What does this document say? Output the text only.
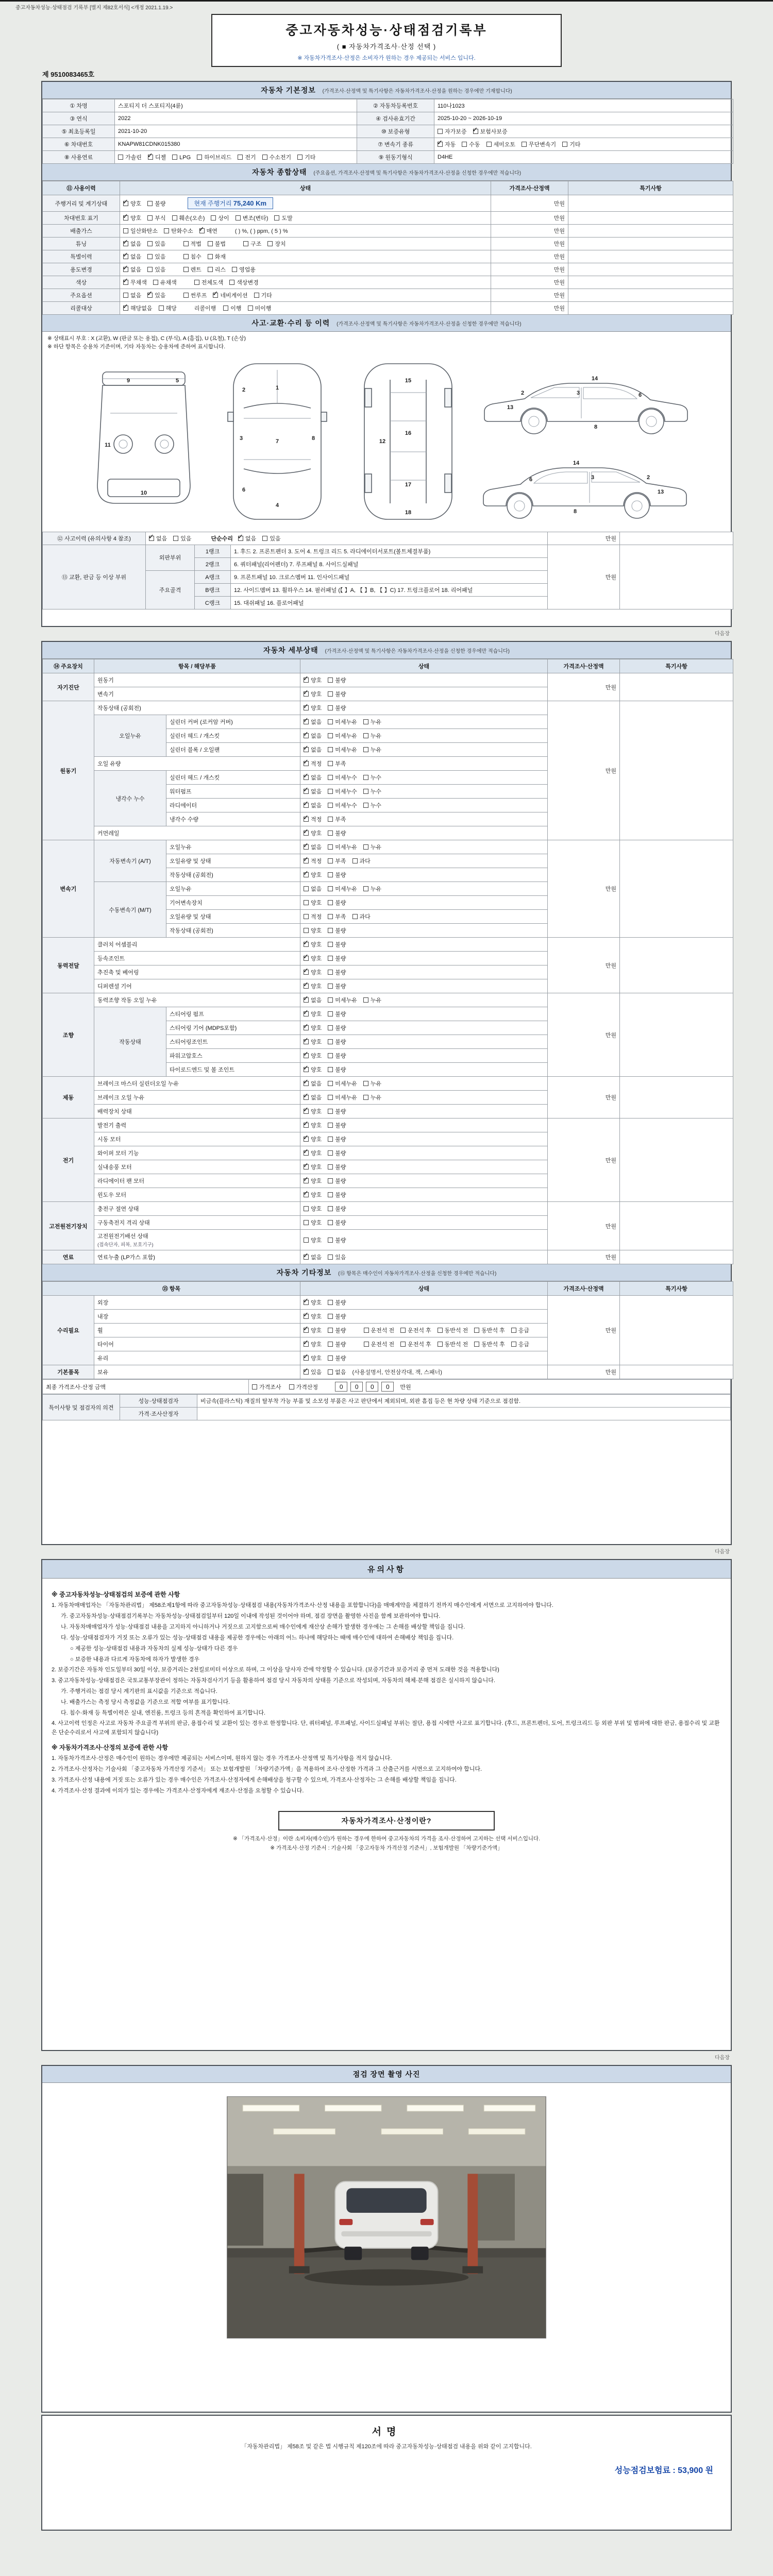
중고자동차성능·상태점검 기록부 [별지 제82호서식] <개정 2021.1.19.>
중고자동차성능·상태점검기록부
( ■ 자동차가격조사·산정 선택 )
※ 자동차가격조사·산정은 소비자가 원하는 경우 제공되는 서비스 입니다.
제 9510083465호
자동차 기본정보 (가격조사·산정액 및 특기사항은 자동차가격조사·산정을 원하는 경우에만 기재합니다)
① 차명	스포티지 더 스포티지(4륜)	② 자동차등록번호	110나1023
③ 연식	2022	④ 검사유효기간	2025-10-20 ~ 2026-10-19
⑤ 최초등록일	2021-10-20	⑩ 보증유형	자가보증 ✓ 보험사보증
⑥ 차대번호	KNAPW81CDNK015380	⑦ 변속기 종류	✓자동 수동 세미오토 무단변속기 기타
⑧ 사용연료	가솔린 ✓ 디젤 LPG 하이브리드 전기 수소전기 기타	⑨ 원동기형식	D4HE
자동차 종합상태 (주요옵션, 가격조사·산정액 및 특기사항은 자동차가격조사·산정을 신청한 경우에만 적습니다)
⑪ 사용이력	상태	가격조사·산정액	특기사항
주행거리 및 계기상태	✓양호 불량 현재 주행거리 75,240 Km	만원	
차대번호 표기	✓양호 부식 훼손(오손) 상이 변조(변타) 도말	만원	
배출가스	일산화탄소 탄화수소 ✓ 매연 ( ) %, ( ) ppm, ( 5 ) %	만원	
튜닝	✓없음 있음 적법 불법 구조 장치	만원	
특별이력	✓없음 있음 침수 화재	만원	
용도변경	✓없음 있음 렌트 리스 영업용	만원	
색상	✓무채색 유채색 전체도색 색상변경	만원	
주요옵션	없음 ✓ 있음 썬루프 ✓ 네비게이션 기타	만원	
리콜대상	✓해당없음 해당 리콜이행 이행 미이행	만원	
사고·교환·수리 등 이력 (가격조사·산정액 및 특기사항은 자동차가격조사·산정을 신청한 경우에만 적습니다)
※ 상태표시 부호 : X (교환), W (판금 또는 용접), C (부식), A (흠집), U (요철), T (손상)
※ 하단 항목은 승용차 기준이며, 기타 자동차는 승용차에 준하여 표시합니다.
9	5
11
10
1
2
3
6
7
4
8
15
12
16
17
18
2	3	6
13
14
8
2
3
6
13
14
8
⑫ 사고이력 (유의사항 4 참조)	✓없음 있음 단순수리 ✓ 없음 있음			만원	
⑬ 교환, 판금 등 이상 부위	외판부위	1랭크	1. 후드 2. 프론트펜더 3. 도어 4. 트렁크 리드 5. 라디에이터서포트(볼트체결부품)	만원	
		2랭크	6. 쿼터패널(리어펜더) 7. 루프패널 8. 사이드실패널		
	주요골격	A랭크	9. 프론트패널 10. 크로스멤버 11. 인사이드패널		
		B랭크	12. 사이드멤버 13. 휠하우스 14. 필러패널 (【 】A, 【 】B, 【 】C) 17. 트렁크플로어 18. 리어패널		
		C랭크	15. 대쉬패널 16. 플로어패널		
다음장
자동차 세부상태 (가격조사·산정액 및 특기사항은 자동차가격조사·산정을 신청한 경우에만 적습니다)
⑭ 주요장치	항목 / 해당부품		상태	가격조사·산정액	특기사항
자기진단	원동기	✓양호 불량	만원	
	변속기	✓양호 불량
원동기	작동상태 (공회전)	✓양호 불량	만원	
	오일누유	실린더 커버 (로커암 커버)	✓없음 미세누유 누유
		실린더 헤드 / 개스킷	✓없음 미세누유 누유
		실린더 블록 / 오일팬	✓없음 미세누유 누유
	오일 유량	✓적정 부족
	냉각수 누수	실린더 헤드 / 개스킷	✓없음 미세누수 누수
		워터펌프	✓없음 미세누수 누수
		라디에이터	✓없음 미세누수 누수
		냉각수 수량	✓적정 부족
	커먼레일	✓양호 불량
변속기	자동변속기 (A/T)	오일누유	✓없음 미세누유 누유	만원	
		오일유량 및 상태	✓적정 부족 과다
		작동상태 (공회전)	✓양호 불량
	수동변속기 (M/T)	오일누유	없음 미세누유 누유		
		기어변속장치	양호 불량		
		오일유량 및 상태	적정 부족 과다		
		작동상태 (공회전)	양호 불량		
동력전달	클러치 어셈블리	✓양호 불량	만원	
	등속조인트	✓양호 불량
	추진축 및 베어링	✓양호 불량
	디퍼렌셜 기어	✓양호 불량
조향	동력조향 작동 오일 누유	✓없음 미세누유 누유	만원	
	작동상태	스티어링 펌프	✓양호 불량
		스티어링 기어 (MDPS포함)	✓양호 불량
		스티어링조인트	✓양호 불량
		파워고압호스	✓양호 불량
		타이로드엔드 및 볼 조인트	✓양호 불량
제동	브레이크 마스터 실린더오일 누유	✓없음 미세누유 누유	만원	
	브레이크 오일 누유	✓없음 미세누유 누유
	배력장치 상태	✓양호 불량
전기	발전기 출력	✓양호 불량	만원	
	시동 모터	✓양호 불량
	와이퍼 모터 기능	✓양호 불량
	실내송풍 모터	✓양호 불량
	라디에이터 팬 모터	✓양호 불량
	윈도우 모터	✓양호 불량
고전원전기장치	충전구 절연 상태		양호 불량	만원	
	구동축전지 격리 상태		양호 불량		
	고전원전기배선 상태
(접속단자, 피복, 보호기구)		양호 불량		
연료	연료누출 (LP가스 포함)	✓없음 있음	만원	
자동차 기타정보 (⑮ 항목은 매수인이 자동차가격조사·산정을 신청한 경우에만 적습니다)
⑮ 항목		상태	가격조사·산정액	특기사항
수리필요	외장	✓양호 불량	만원	
	내장	✓양호 불량
	휠	✓양호 불량 운전석 전 운전석 후 동반석 전 동반석 후 응급
	타이어	✓양호 불량 운전석 전 운전석 후 동반석 전 동반석 후 응급
	유리	✓양호 불량
기본품목	보유	✓있음 없음 (사용설명서, 안전삼각대, 잭, 스패너)	만원	
최종 가격조사·산정 금액	가격조사	가격산정	0 0 0 0 만원
특이사항 및 점검자의 의견	성능·상태점검자	비금속(플라스틱) 재질의 탈부착 가능 부품 및 소모성 부품은 사고 판단에서 제외되며, 외판 흠집 등은 현 차량 상태 기준으로 점검함.
	가격·조사산정자	
다음장
유의사항
※ 중고자동차성능·상태점검의 보증에 관한 사항
1. 자동차매매업자는 「자동차관리법」 제58조제1항에 따라 중고자동차성능·상태점검 내용(자동차가격조사·산정 내용을 포함합니다)을 매매계약을 체결하기 전까지 매수인에게 서면으로 고지하여야 합니다.
가. 중고자동차성능·상태점검기록부는 자동차성능·상태점검일부터 120일 이내에 작성된 것이어야 하며, 점검 장면을 촬영한 사진을 함께 보관하여야 합니다.
나. 자동차매매업자가 성능·상태점검 내용을 고지하지 아니하거나 거짓으로 고지함으로써 매수인에게 재산상 손해가 발생한 경우에는 그 손해를 배상할 책임을 집니다.
다. 성능·상태점검자가 거짓 또는 오류가 있는 성능·상태점검 내용을 제공한 경우에는 아래의 어느 하나에 해당하는 때에 매수인에 대하여 손해배상 책임을 집니다.
○ 제공한 성능·상태점검 내용과 자동차의 실제 성능·상태가 다른 경우
○ 보증한 내용과 다르게 자동차에 하자가 발생한 경우
2. 보증기간은 자동차 인도일부터 30일 이상, 보증거리는 2천킬로미터 이상으로 하며, 그 이상을 당사자 간에 약정할 수 있습니다. (보증기간과 보증거리 중 먼저 도래한 것을 적용합니다)
3. 중고자동차성능·상태점검은 국토교통부장관이 정하는 자동차검사기기 등을 활용하여 점검 당시 자동차의 상태를 기준으로 작성되며, 자동차의 해체·분해 점검은 실시하지 않습니다.
가. 주행거리는 점검 당시 계기판의 표시값을 기준으로 적습니다.
나. 배출가스는 측정 당시 측정값을 기준으로 적합 여부를 표기합니다.
다. 침수·화재 등 특별이력은 실내, 엔진룸, 트렁크 등의 흔적을 확인하여 표기합니다.
4. 사고이력 인정은 사고로 자동차 주요골격 부위의 판금, 용접수리 및 교환이 있는 경우로 한정합니다. 단, 쿼터패널, 루프패널, 사이드실패널 부위는 절단, 용접 시에만 사고로 표기합니다. (후드, 프론트펜더, 도어, 트렁크리드 등 외판 부위 및 범퍼에 대한 판금, 용접수리 및 교환은 단순수리로서 사고에 포함되지 않습니다)
※ 자동차가격조사·산정의 보증에 관한 사항
1. 자동차가격조사·산정은 매수인이 원하는 경우에만 제공되는 서비스이며, 원하지 않는 경우 가격조사·산정액 및 특기사항을 적지 않습니다.
2. 가격조사·산정자는 기술사회 「중고자동차 가격산정 기준서」 또는 보험개발원 「차량기준가액」을 적용하여 조사·산정한 가격과 그 산출근거를 서면으로 고지하여야 합니다.
3. 가격조사·산정 내용에 거짓 또는 오류가 있는 경우 매수인은 가격조사·산정자에게 손해배상을 청구할 수 있으며, 가격조사·산정자는 그 손해를 배상할 책임을 집니다.
4. 가격조사·산정 결과에 이의가 있는 경우에는 가격조사·산정자에게 재조사·산정을 요청할 수 있습니다.
자동차가격조사·산정이란?
※ 「가격조사·산정」이란 소비자(매수인)가 원하는 경우에 한하여 중고자동차의 가격을 조사·산정하여 고지하는 선택 서비스입니다.
※ 가격조사·산정 기준서 : 기술사회 「중고자동차 가격산정 기준서」, 보험개발원 「차량기준가액」
다음장
점검 장면 촬영 사진
서명
「자동차관리법」 제58조 및 같은 법 시행규칙 제120조에 따라 중고자동차성능·상태점검 내용을 위와 같이 고지합니다.
성능점검보험료 : 53,900 원
